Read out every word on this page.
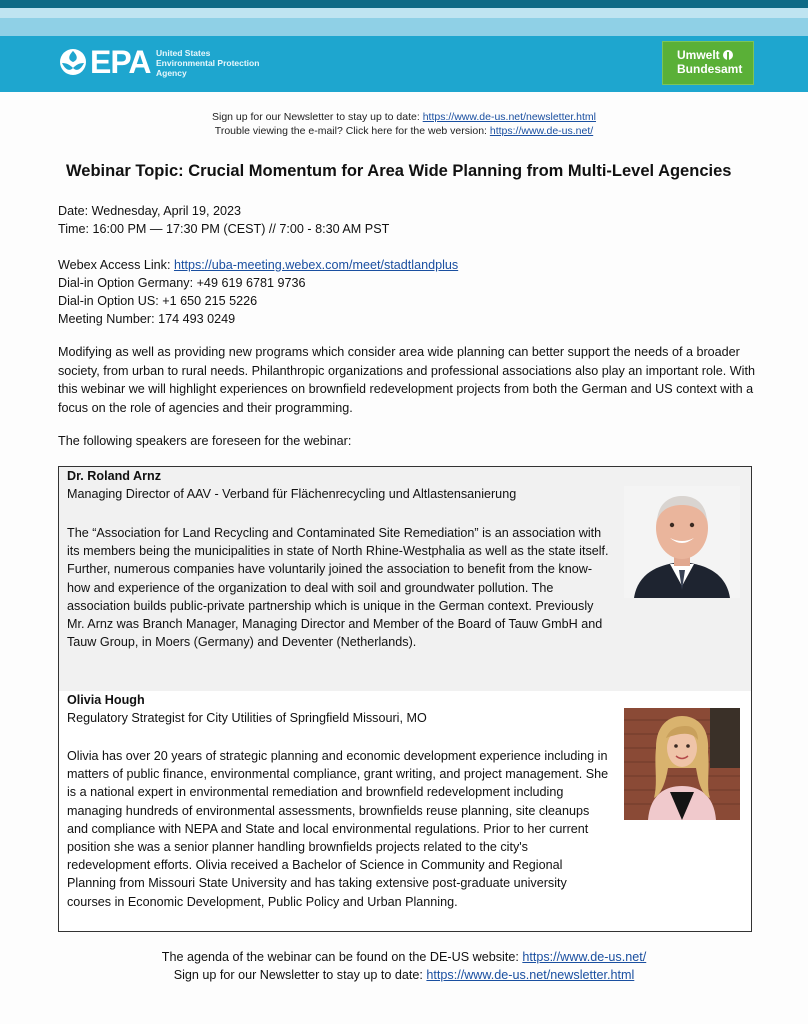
EPA United States
Environmental Protection
Agency
Umwelt
Bundesamt
Sign up for our Newsletter to stay up to date: https://www.de-us.net/newsletter.html
Trouble viewing the e-mail? Click here for the web version: https://www.de-us.net/
Webinar Topic: Crucial Momentum for Area Wide Planning from Multi-Level Agencies
Date: Wednesday, April 19, 2023
Time: 16:00 PM — 17:30 PM (CEST) // 7:00 - 8:30 AM PST
Webex Access Link: https://uba-meeting.webex.com/meet/stadtlandplus
Dial-in Option Germany: +49 619 6781 9736
Dial-in Option US: +1 650 215 5226
Meeting Number: 174 493 0249
Modifying as well as providing new programs which consider area wide planning can better support the needs of a broader society, from urban to rural needs. Philanthropic organizations and professional associations also play an important role. With this webinar we will highlight experiences on brownfield redevelopment projects from both the German and US context with a focus on the role of agencies and their programming.
The following speakers are foreseen for the webinar:
Dr. Roland Arnz
Managing Director of AAV - Verband für Flächenrecycling und Altlastensanierung
The “Association for Land Recycling and Contaminated Site Remediation” is an association with its members being the municipalities in state of North Rhine-Westphalia as well as the state itself. Further, numerous companies have voluntarily joined the association to benefit from the know-how and experience of the organization to deal with soil and groundwater pollution. The association builds public-private partnership which is unique in the German context. Previously Mr. Arnz was Branch Manager, Managing Director and Member of the Board of Tauw GmbH and Tauw Group, in Moers (Germany) and Deventer (Netherlands).
Olivia Hough
Regulatory Strategist for City Utilities of Springfield Missouri, MO
Olivia has over 20 years of strategic planning and economic development experience including in matters of public finance, environmental compliance, grant writing, and project management. She is a national expert in environmental remediation and brownfield redevelopment including managing hundreds of environmental assessments, brownfields reuse planning, site cleanups and compliance with NEPA and State and local environmental regulations. Prior to her current position she was a senior planner handling brownfields projects related to the city's redevelopment efforts. Olivia received a Bachelor of Science in Community and Regional Planning from Missouri State University and has taking extensive post-graduate university courses in Economic Development, Public Policy and Urban Planning.
The agenda of the webinar can be found on the DE-US website: https://www.de-us.net/
Sign up for our Newsletter to stay up to date: https://www.de-us.net/newsletter.html
